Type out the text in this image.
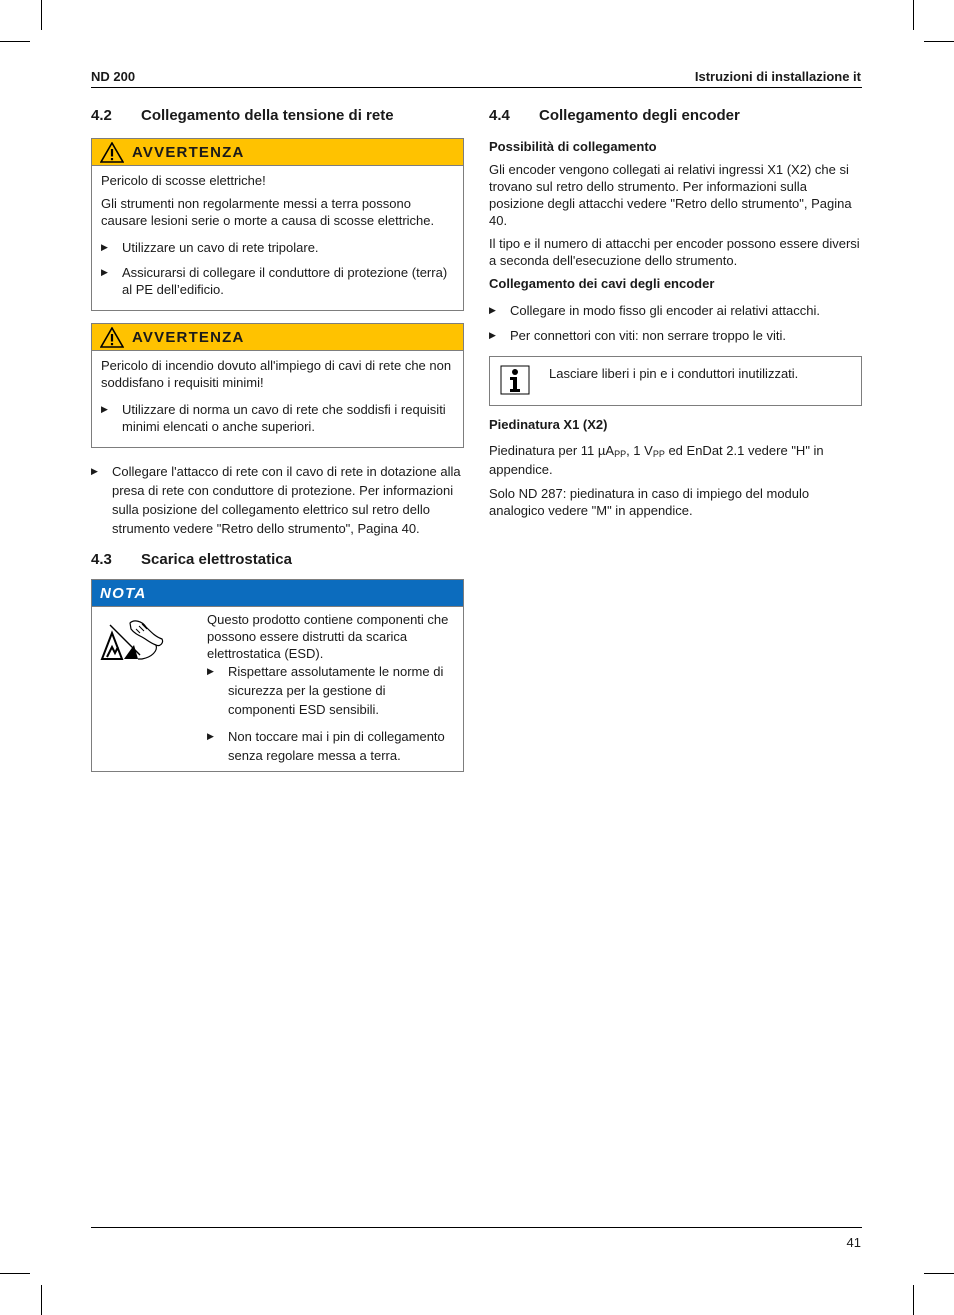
ND 200	Istruzioni di installazione it
4.2	Collegamento della tensione di rete
AVVERTENZA

Pericolo di scosse elettriche!

Gli strumenti non regolarmente messi a terra possono causare lesioni serie o morte a causa di scosse elettriche.

▶	Utilizzare un cavo di rete tripolare.
▶	Assicurarsi di collegare il conduttore di protezione (terra) al PE dell’edificio.
AVVERTENZA

Pericolo di incendio dovuto all'impiego di cavi di rete che non soddisfano i requisiti minimi!

▶	Utilizzare di norma un cavo di rete che soddisfi i requisiti minimi elencati o anche superiori.
▶	Collegare l'attacco di rete con il cavo di rete in dotazione alla presa di rete con conduttore di protezione. Per informazioni sulla posizione del collegamento elettrico sul retro dello strumento vedere "Retro dello strumento", Pagina 40.
4.3	Scarica elettrostatica
NOTA

Questo prodotto contiene componenti che possono essere distrutti da scarica elettrostatica (ESD).

▶	Rispettare assolutamente le norme di sicurezza per la gestione di componenti ESD sensibili.
▶	Non toccare mai i pin di collegamento senza regolare messa a terra.
4.4	Collegamento degli encoder
Possibilità di collegamento

Gli encoder vengono collegati ai relativi ingressi X1 (X2) che si trovano sul retro dello strumento. Per informazioni sulla posizione degli attacchi vedere "Retro dello strumento", Pagina 40.

Il tipo e il numero di attacchi per encoder possono essere diversi a seconda dell'esecuzione dello strumento.

Collegamento dei cavi degli encoder
▶	Collegare in modo fisso gli encoder ai relativi attacchi.
▶	Per connettori con viti: non serrare troppo le viti.
Lasciare liberi i pin e i conduttori inutilizzati.
Piedinatura X1 (X2)

Piedinatura per 11 µA$_{PP}$, 1 $V_{PP}$ ed EnDat 2.1 vedere "H" in appendice.

Solo ND 287: piedinatura in caso di impiego del modulo analogico vedere "M" in appendice.

41
